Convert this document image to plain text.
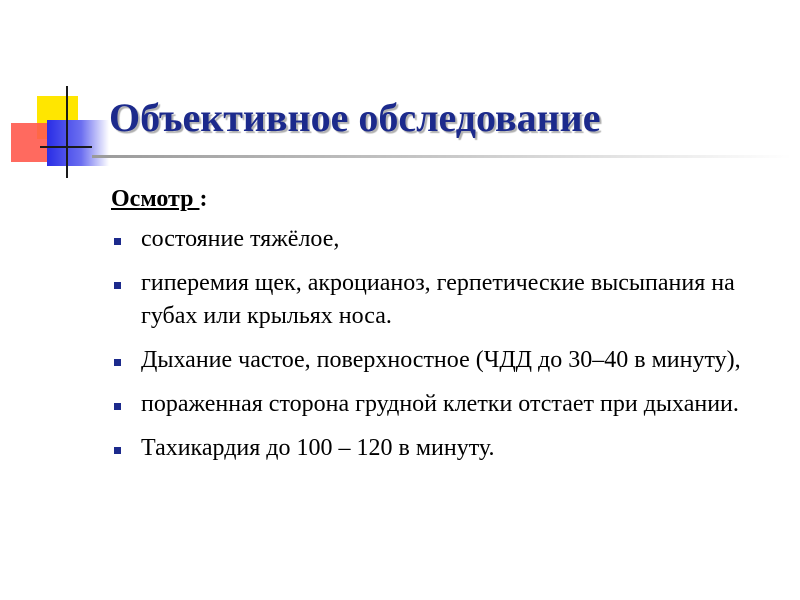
Объективное обследование

Осмотр :

состояние тяжёлое,
гиперемия щек, акроцианоз, герпетические высыпания на губах или крыльях носа.
Дыхание частое, поверхностное (ЧДД до 30–40 в минуту),
пораженная сторона грудной клетки отстает при дыхании.
Тахикардия до 100 – 120 в минуту.
